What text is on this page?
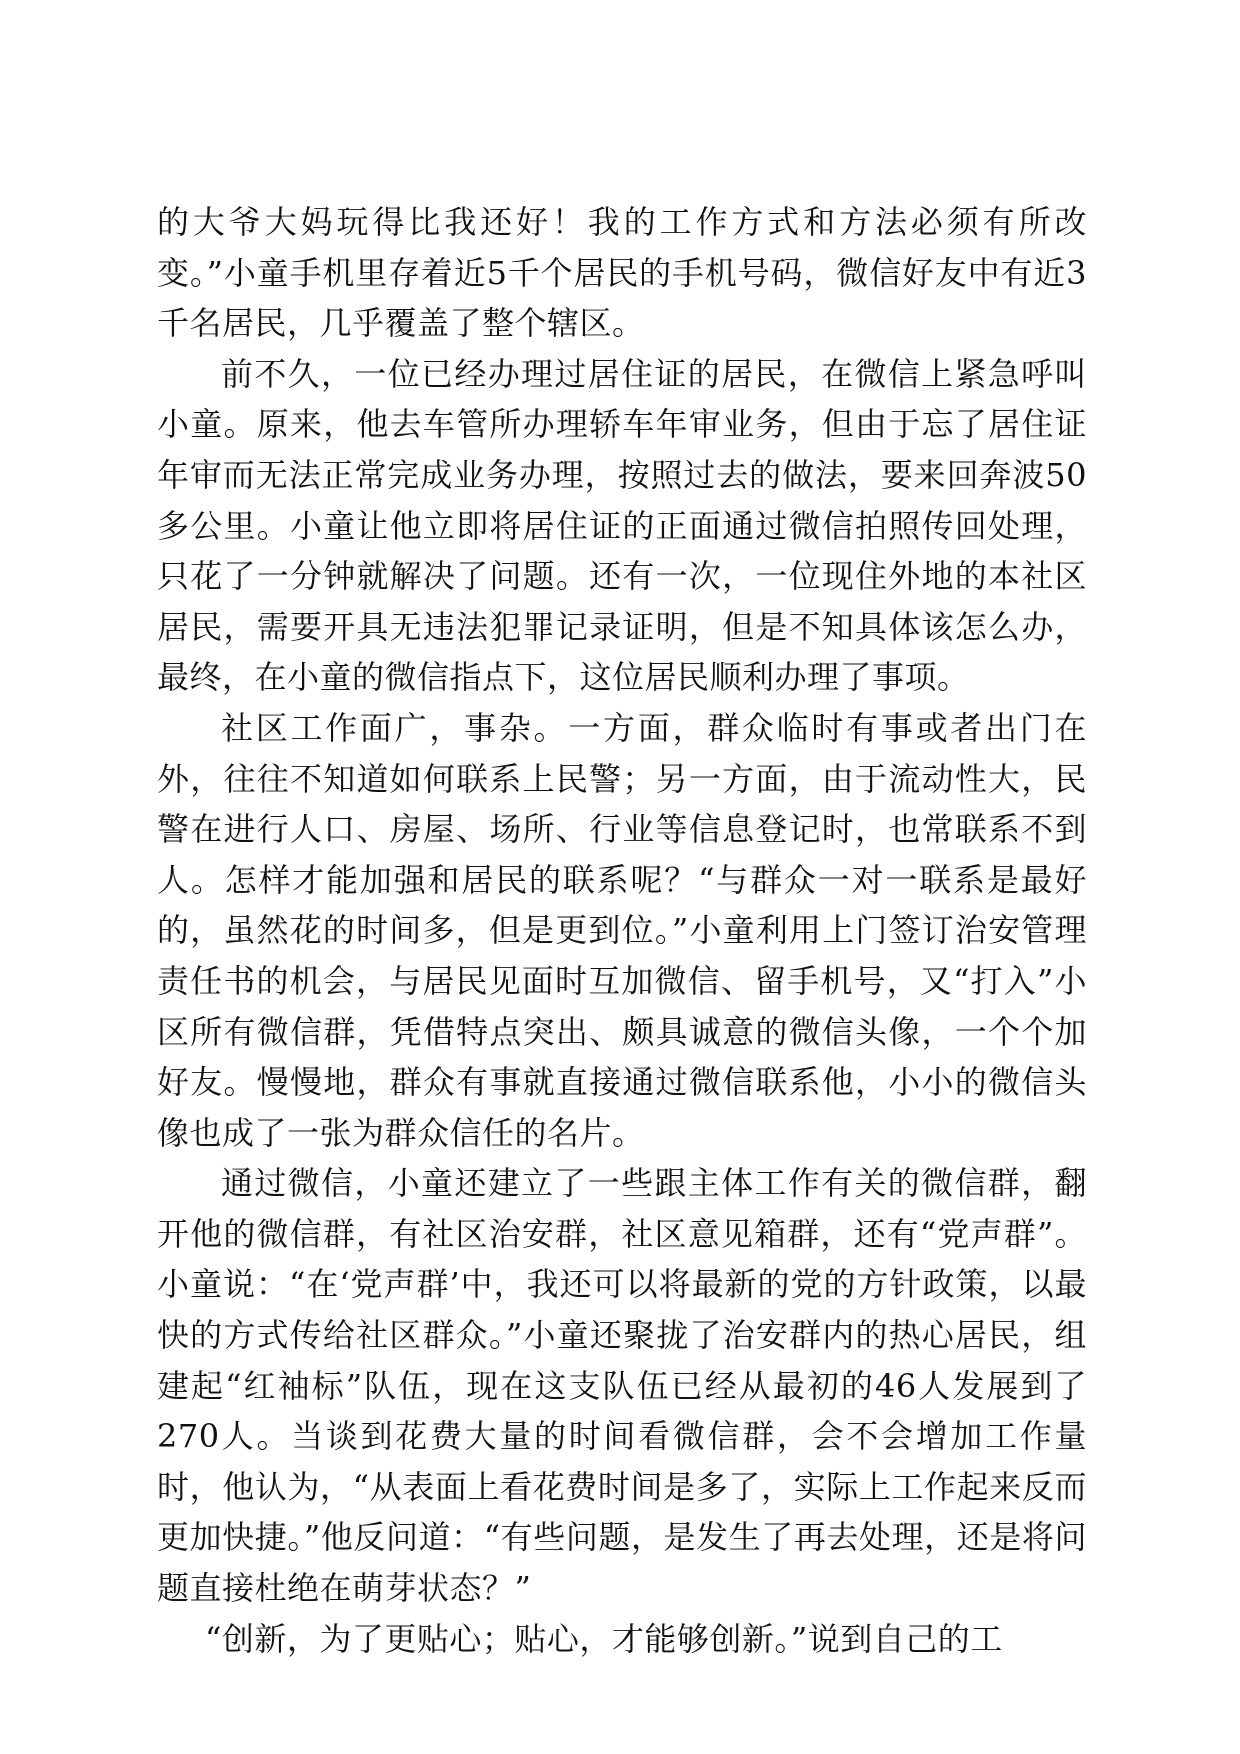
的大爷大妈玩得比我还好！我的工作方式和方法必须有所改变。”小童手机里存着近5千个居民的手机号码，微信好友中有近3千名居民，几乎覆盖了整个辖区。

前不久，一位已经办理过居住证的居民，在微信上紧急呼叫小童。原来，他去车管所办理轿车年审业务，但由于忘了居住证年审而无法正常完成业务办理，按照过去的做法，要来回奔波50多公里。小童让他立即将居住证的正面通过微信拍照传回处理，只花了一分钟就解决了问题。还有一次，一位现住外地的本社区居民，需要开具无违法犯罪记录证明，但是不知具体该怎么办，最终，在小童的微信指点下，这位居民顺利办理了事项。

社区工作面广，事杂。一方面，群众临时有事或者出门在外，往往不知道如何联系上民警；另一方面，由于流动性大，民警在进行人口、房屋、场所、行业等信息登记时，也常联系不到人。怎样才能加强和居民的联系呢？“与群众一对一联系是最好的，虽然花的时间多，但是更到位。”小童利用上门签订治安管理责任书的机会，与居民见面时互加微信、留手机号，又“打入”小区所有微信群，凭借特点突出、颇具诚意的微信头像，一个个加好友。慢慢地，群众有事就直接通过微信联系他，小小的微信头像也成了一张为群众信任的名片。

通过微信，小童还建立了一些跟主体工作有关的微信群，翻开他的微信群，有社区治安群，社区意见箱群，还有“党声群”。小童说：“在‘党声群’中，我还可以将最新的党的方针政策，以最快的方式传给社区群众。”小童还聚拢了治安群内的热心居民，组建起“红袖标”队伍，现在这支队伍已经从最初的46人发展到了270人。当谈到花费大量的时间看微信群，会不会增加工作量时，他认为，“从表面上看花费时间是多了，实际上工作起来反而更加快捷。”他反问道：“有些问题，是发生了再去处理，还是将问题直接杜绝在萌芽状态？”

“创新，为了更贴心；贴心，才能够创新。”说到自己的工
